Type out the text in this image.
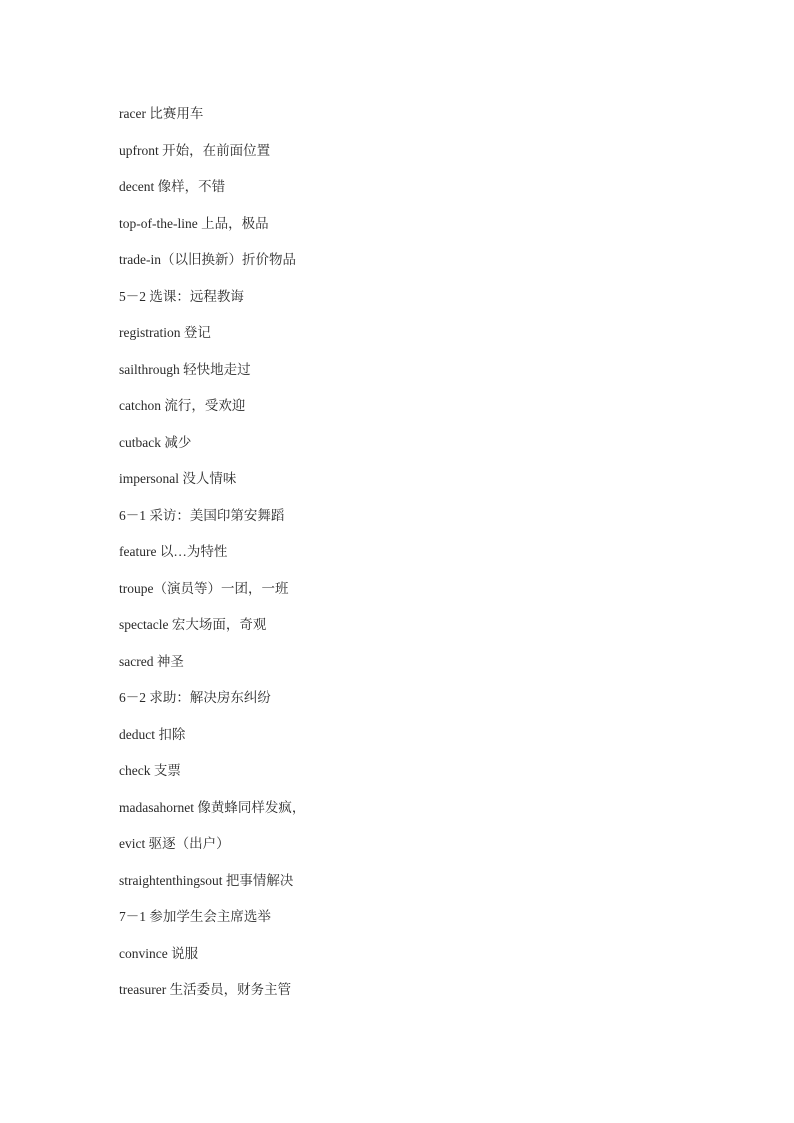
racer 比赛用车
upfront 开始，在前面位置
decent 像样，不错
top-of-the-line 上品，极品
trade-in（以旧换新）折价物品
5－2 选课：远程教诲
registration 登记
sailthrough 轻快地走过
catchon 流行，受欢迎
cutback 减少
impersonal 没人情味
6－1 采访：美国印第安舞蹈
feature 以…为特性
troupe（演员等）一团，一班
spectacle 宏大场面，奇观
sacred 神圣
6－2 求助：解决房东纠纷
deduct 扣除
check 支票
madasahornet 像黄蜂同样发疯，
evict 驱逐（出户）
straightenthingsout 把事情解决
7－1 参加学生会主席选举
convince 说服
treasurer 生活委员，财务主管
